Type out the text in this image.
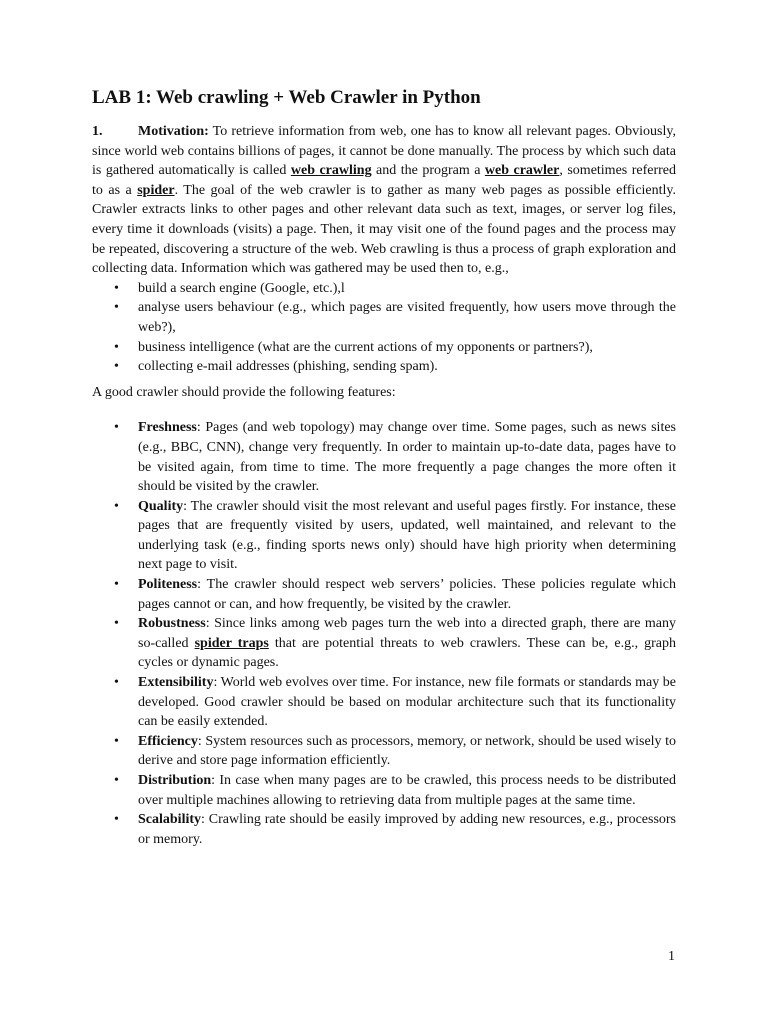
LAB 1: Web crawling + Web Crawler in Python

1.	Motivation: To retrieve information from web, one has to know all relevant pages. Obviously, since world web contains billions of pages, it cannot be done manually. The process by which such data is gathered automatically is called web crawling and the program a web crawler, sometimes referred to as a spider. The goal of the web crawler is to gather as many web pages as possible efficiently. Crawler extracts links to other pages and other relevant data such as text, images, or server log files, every time it downloads (visits) a page. Then, it may visit one of the found pages and the process may be repeated, discovering a structure of the web. Web crawling is thus a process of graph exploration and collecting data. Information which was gathered may be used then to, e.g.,

• build a search engine (Google, etc.),l
• analyse users behaviour (e.g., which pages are visited frequently, how users move through the web?),
• business intelligence (what are the current actions of my opponents or partners?),
• collecting e-mail addresses (phishing, sending spam).

A good crawler should provide the following features:

• Freshness: Pages (and web topology) may change over time. Some pages, such as news sites (e.g., BBC, CNN), change very frequently. In order to maintain up-to-date data, pages have to be visited again, from time to time. The more frequently a page changes the more often it should be visited by the crawler.
• Quality: The crawler should visit the most relevant and useful pages firstly. For instance, these pages that are frequently visited by users, updated, well maintained, and relevant to the underlying task (e.g., finding sports news only) should have high priority when determining next page to visit.
• Politeness: The crawler should respect web servers’ policies. These policies regulate which pages cannot or can, and how frequently, be visited by the crawler.
• Robustness: Since links among web pages turn the web into a directed graph, there are many so-called spider traps that are potential threats to web crawlers. These can be, e.g., graph cycles or dynamic pages.
• Extensibility: World web evolves over time. For instance, new file formats or standards may be developed. Good crawler should be based on modular architecture such that its functionality can be easily extended.
• Efficiency: System resources such as processors, memory, or network, should be used wisely to derive and store page information efficiently.
• Distribution: In case when many pages are to be crawled, this process needs to be distributed over multiple machines allowing to retrieving data from multiple pages at the same time.
• Scalability: Crawling rate should be easily improved by adding new resources, e.g., processors or memory.
1
